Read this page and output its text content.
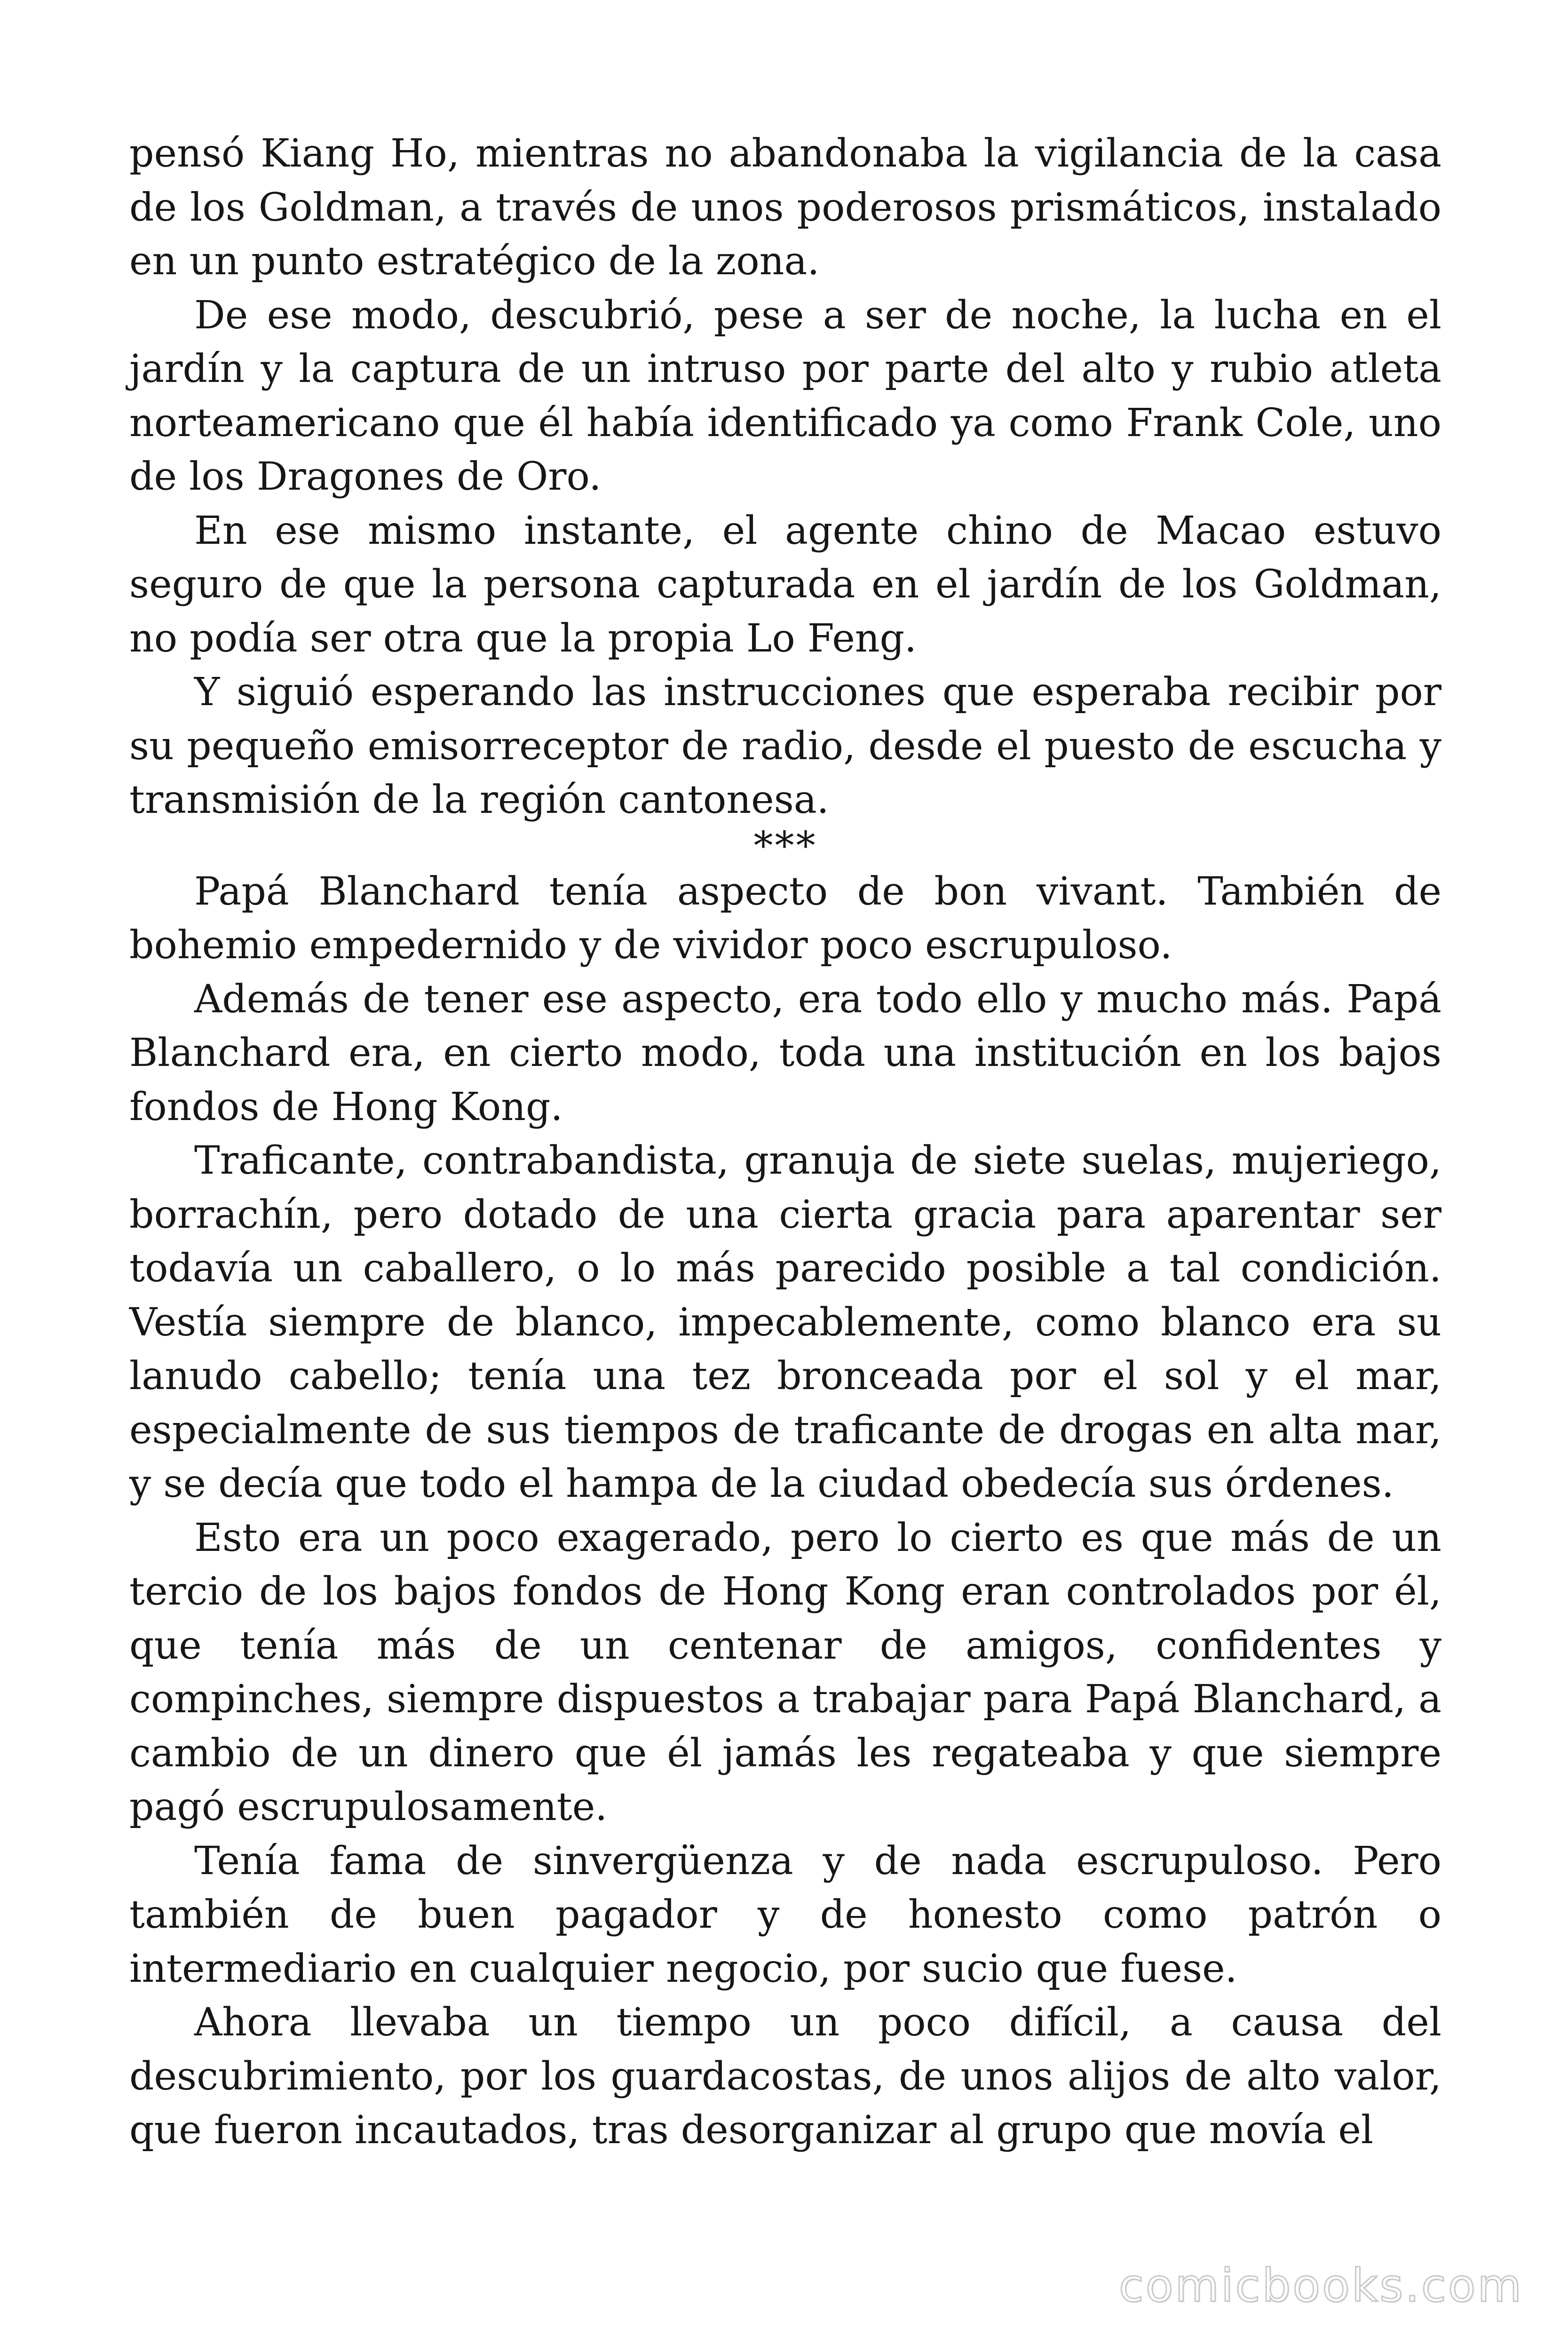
pensó Kiang Ho, mientras no abandonaba la vigilancia de la casa de los Goldman, a través de unos poderosos prismáticos, instalado en un punto estratégico de la zona.

De ese modo, descubrió, pese a ser de noche, la lucha en el jardín y la captura de un intruso por parte del alto y rubio atleta norteamericano que él había identificado ya como Frank Cole, uno de los Dragones de Oro.

En ese mismo instante, el agente chino de Macao estuvo seguro de que la persona capturada en el jardín de los Goldman, no podía ser otra que la propia Lo Feng.

Y siguió esperando las instrucciones que esperaba recibir por su pequeño emisorreceptor de radio, desde el puesto de escucha y transmisión de la región cantonesa.

***

Papá Blanchard tenía aspecto de bon vivant. También de bohemio empedernido y de vividor poco escrupuloso.

Además de tener ese aspecto, era todo ello y mucho más. Papá Blanchard era, en cierto modo, toda una institución en los bajos fondos de Hong Kong.

Traficante, contrabandista, granuja de siete suelas, mujeriego, borrachín, pero dotado de una cierta gracia para aparentar ser todavía un caballero, o lo más parecido posible a tal condición. Vestía siempre de blanco, impecablemente, como blanco era su lanudo cabello; tenía una tez bronceada por el sol y el mar, especialmente de sus tiempos de traficante de drogas en alta mar, y se decía que todo el hampa de la ciudad obedecía sus órdenes.

Esto era un poco exagerado, pero lo cierto es que más de un tercio de los bajos fondos de Hong Kong eran controlados por él, que tenía más de un centenar de amigos, confidentes y compinches, siempre dispuestos a trabajar para Papá Blanchard, a cambio de un dinero que él jamás les regateaba y que siempre pagó escrupulosamente.

Tenía fama de sinvergüenza y de nada escrupuloso. Pero también de buen pagador y de honesto como patrón o intermediario en cualquier negocio, por sucio que fuese.

Ahora llevaba un tiempo un poco difícil, a causa del descubrimiento, por los guardacostas, de unos alijos de alto valor, que fueron incautados, tras desorganizar al grupo que movía el

comicbooks.com
